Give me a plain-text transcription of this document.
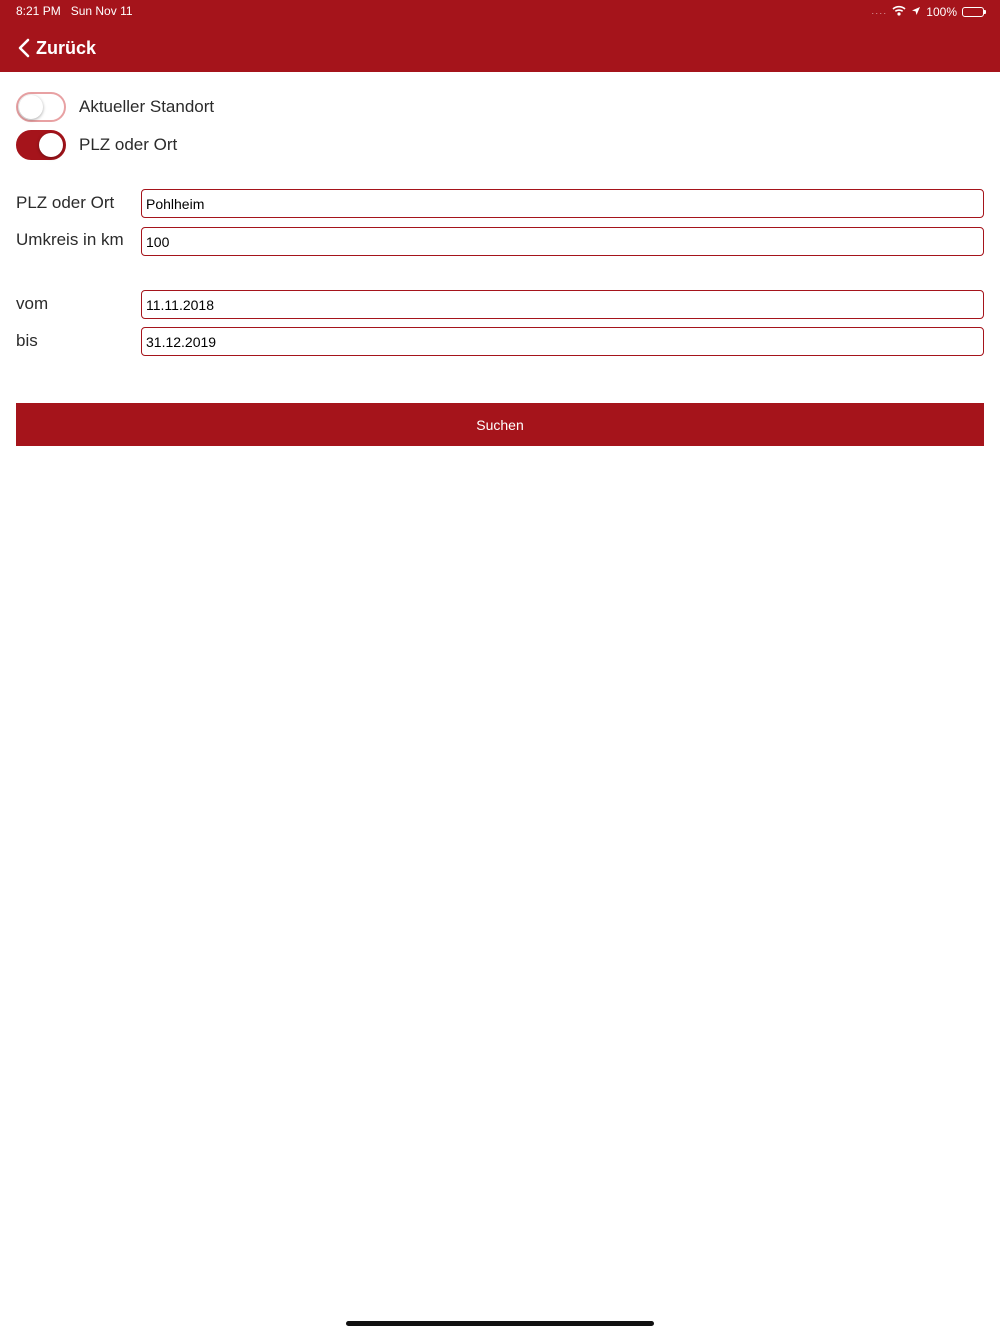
8:21 PM Sun Nov 11	····	100%
Zurück
Aktueller Standort
PLZ oder Ort
PLZ oder Ort
Pohlheim
Umkreis in km
100
vom
11.11.2018
bis
31.12.2019
Suchen
